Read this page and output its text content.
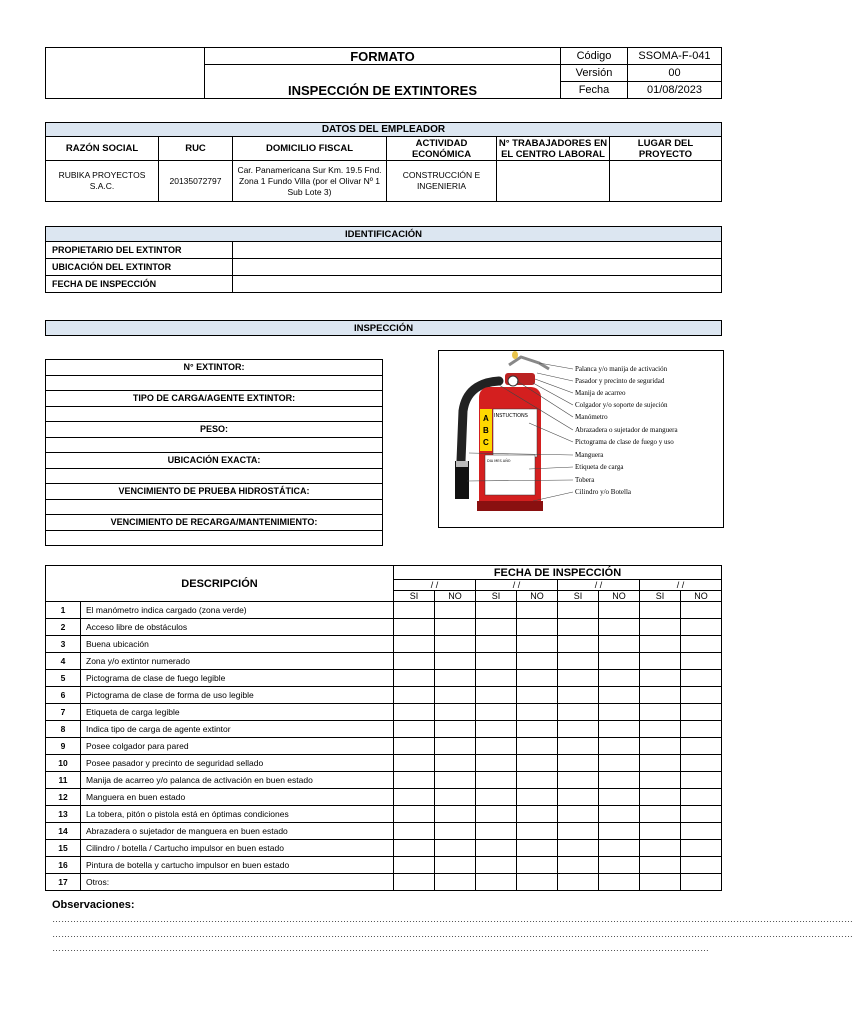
	FORMATO	Código	SSOMA-F-041
	INSPECCIÓN DE EXTINTORES	Versión	00
		Fecha	01/08/2023
DATOS DEL EMPLEADOR					
RAZÓN SOCIAL	RUC	DOMICILIO FISCAL	ACTIVIDAD ECONÓMICA	N° TRABAJADORES EN EL CENTRO LABORAL	LUGAR DEL PROYECTO
RUBIKA PROYECTOS S.A.C.	20135072797	Car. Panamericana Sur Km. 19.5 Fnd. Zona 1 Fundo Villa (por el Olivar Nº 1 Sub Lote 3)	CONSTRUCCIÓN E INGENIERIA		
IDENTIFICACIÓN	
PROPIETARIO DEL EXTINTOR	
UBICACIÓN DEL EXTINTOR	
FECHA DE INSPECCIÓN	
INSPECCIÓN
N° EXTINTOR:

TIPO DE CARGA/AGENTE EXTINTOR:

PESO:

UBICACIÓN EXACTA:

VENCIMIENTO DE PRUEBA HIDROSTÁTICA:

VENCIMIENTO DE RECARGA/MANTENIMIENTO:

A
B
C
INSTUCTIONS
DIA MES AÑO
Palanca y/o manija de activación
Pasador y precinto de seguridad
Manija de acarreo
Colgador y/o soporte de sujeción
Manómetro
Abrazadera o sujetador de manguera
Pictograma de clase de fuego y uso
Manguera
Etiqueta de carga
Tobera
Cilindro y/o Botella
DESCRIPCIÓN		FECHA DE INSPECCIÓN							
		/ /		/ /		/ /		/ /	
		SI	NO	SI	NO	SI	NO	SI	NO
1	El manómetro indica cargado (zona verde)								
2	Acceso libre de obstáculos								
3	Buena ubicación								
4	Zona y/o extintor numerado								
5	Pictograma de clase de fuego legible								
6	Pictograma de clase de forma de uso legible								
7	Etiqueta de carga legible								
8	Indica tipo de carga de agente extintor								
9	Posee colgador para pared								
10	Posee pasador y precinto de seguridad sellado								
11	Manija de acarreo y/o palanca de activación en buen estado								
12	Manguera en buen estado								
13	La tobera, pitón o pistola está en óptimas condiciones								
14	Abrazadera o sujetador de manguera en buen estado								
15	Cilindro / botella / Cartucho impulsor en buen estado								
16	Pintura de botella y cartucho impulsor en buen estado								
17	Otros:								
Observaciones:
……………………………………………………………………………………………………………………………………………………………………………………………………………………………………………
……………………………………………………………………………………………………………………………………………………………………………………………………………………………………………
…………………………………………………………………………………………………………………………………………………………………………………………………
